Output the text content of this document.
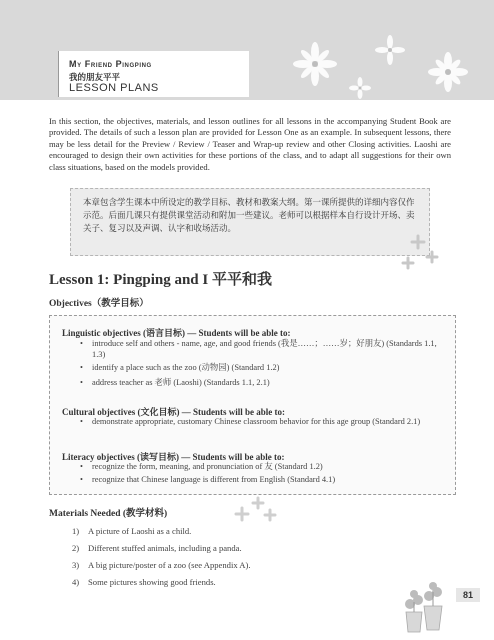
My Friend Pingping
我的朋友平平
LESSON PLANS

In this section, the objectives, materials, and lesson outlines for all lessons in the accompanying Student Book are provided. The details of such a lesson plan are provided for Lesson One as an example. In subsequent lessons, there may be less detail for the Preview / Review / Teaser and Wrap-up review and other Closing activities. Laoshi are encouraged to design their own activities for these portions of the class, and to adapt all suggestions for their own class situations, based on the models provided.

本章包含学生课本中所设定的教学目标、教材和教案大纲。第一课所提供的详细内容仅作示范。后面几课只有提供课堂活动和附加一些建议。老师可以根据样本自行设计开场、卖关子、复习以及声调、认字和收场活动。
Lesson 1: Pingping and I 平平和我
Objectives（教学目标）
Linguistic objectives (语言目标) — Students will be able to:
• introduce self and others - name, age, and good friends (我是……；……岁；好朋友) (Standards 1.1, 1.3)
• identify a place such as the zoo (动物园) (Standard 1.2)
• address teacher as 老师 (Laoshi) (Standards 1.1, 2.1)
Cultural objectives (文化目标) — Students will be able to:
• demonstrate appropriate, customary Chinese classroom behavior for this age group (Standard 2.1)
Literacy objectives (读写目标) — Students will be able to:
• recognize the form, meaning, and pronunciation of 友 (Standard 1.2)
• recognize that Chinese language is different from English (Standard 4.1)
Materials Needed (教学材料)
1) A picture of Laoshi as a child.
2) Different stuffed animals, including a panda.
3) A big picture/poster of a zoo (see Appendix A).
4) Some pictures showing good friends.
81
